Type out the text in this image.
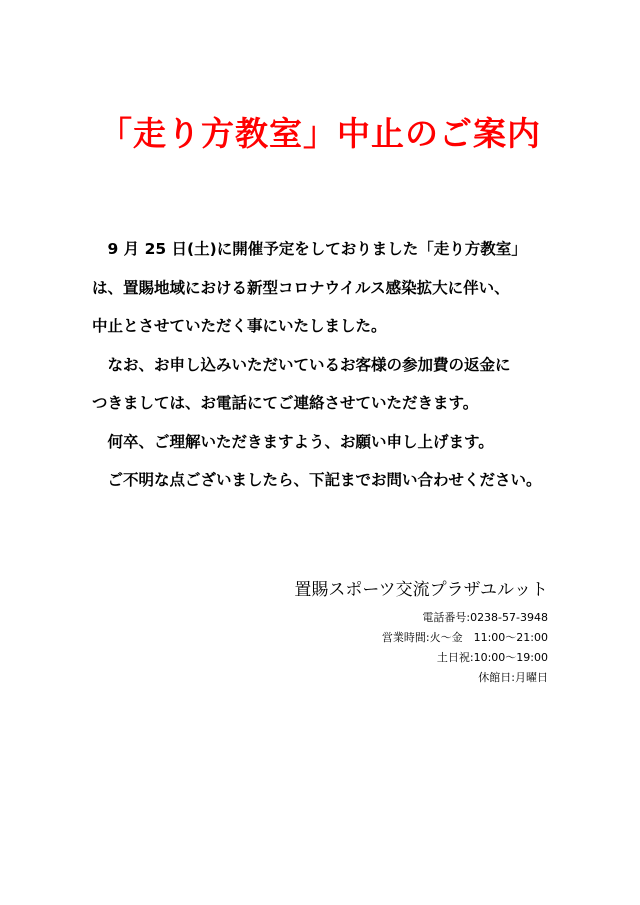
「走り方教室」中止のご案内

　9 月 25 日(土)に開催予定をしておりました「走り方教室」

は、置賜地域における新型コロナウイルス感染拡大に伴い、

中止とさせていただく事にいたしました。

　なお、お申し込みいただいているお客様の参加費の返金に

つきましては、お電話にてご連絡させていただきます。

　何卒、ご理解いただきますよう、お願い申し上げます。

　ご不明な点ございましたら、下記までお問い合わせください。

置賜スポーツ交流プラザユルット
電話番号:0238-57-3948
営業時間:火～金　11:00～21:00
土日祝:10:00～19:00
休館日:月曜日
